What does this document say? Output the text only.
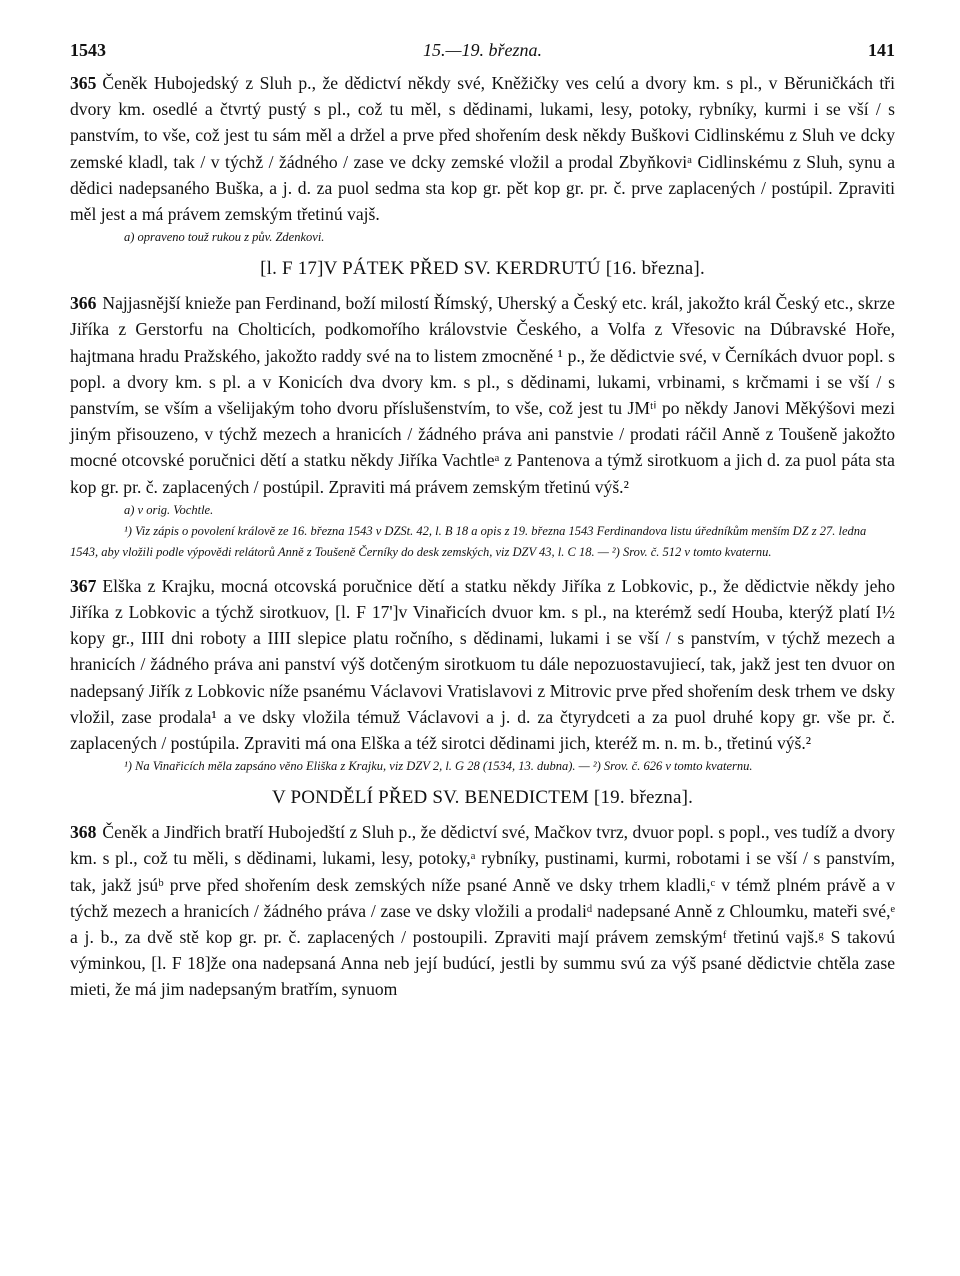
1543	15.—19. března.	141

365 Čeněk Hubojedský z Sluh p., že dědictví někdy své, Kněžičky ves celú a dvory km. s pl., v Běruničkách tři dvory km. osedlé a čtvrtý pustý s pl., což tu měl, s dědinami, lukami, lesy, potoky, rybníky, kurmi i se vší / s panstvím, to vše, což jest tu sám měl a držel a prve před shořením desk někdy Buškovi Cidlinskému z Sluh ve dcky zemské kladl, tak / v týchž / žádného / zase ve dcky zemské vložil a prodal Zbyňkoviᵃ Cidlinskému z Sluh, synu a dědici nadepsaného Buška, a j. d. za puol sedma sta kop gr. pět kop gr. pr. č. prve zaplacených / postúpil. Zpraviti měl jest a má právem zemským třetinú vajš.

a) opraveno touž rukou z pův. Zdenkovi.

[l. F 17]V PÁTEK PŘED SV. KERDRUTÚ [16. března].

366 Najjasnější knieže pan Ferdinand, boží milostí Římský, Uherský a Český etc. král, jakožto král Český etc., skrze Jiříka z Gerstorfu na Cholticích, podkomořího královstvie Českého, a Volfa z Vřesovic na Dúbravské Hoře, hajtmana hradu Pražského, jakožto raddy své na to listem zmocněné ¹ p., že dědictvie své, v Černíkách dvuor popl. s popl. a dvory km. s pl. a v Konicích dva dvory km. s pl., s dědinami, lukami, vrbinami, s krčmami i se vší / s panstvím, se vším a všelijakým toho dvoru příslušenstvím, to vše, což jest tu JMᵗⁱ po někdy Janovi Měkýšovi mezi jiným přisouzeno, v týchž mezech a hranicích / žádného práva ani panstvie / prodati ráčil Anně z Toušeně jakožto mocné otcovské poručnici dětí a statku někdy Jiříka Vachtleᵃ z Pantenova a týmž sirotkuom a jich d. za puol páta sta kop gr. pr. č. zaplacených / postúpil. Zpraviti má právem zemským třetinú výš.²

a) v orig. Vochtle.

¹) Viz zápis o povolení královĕ ze 16. března 1543 v DZSt. 42, l. B 18 a opis z 19. března 1543 Ferdinandova listu úředníkům menším DZ z 27. ledna 1543, aby vložili podle výpovědi relátorů Anně z Toušeně Černíky do desk zemských, viz DZV 43, l. C 18. — ²) Srov. č. 512 v tomto kvaternu.

367 Elška z Krajku, mocná otcovská poručnice dětí a statku někdy Jiříka z Lobkovic, p., že dědictvie někdy jeho Jiříka z Lobkovic a týchž sirotkuov, [l. F 17']v Vinařicích dvuor km. s pl., na kterémž sedí Houba, kterýž platí I½ kopy gr., IIII dni roboty a IIII slepice platu ročního, s dědinami, lukami i se vší / s panstvím, v týchž mezech a hranicích / žádného práva ani panství výš dotčeným sirotkuom tu dále nepozuostavujiecí, tak, jakž jest ten dvuor on nadepsaný Jiřík z Lobkovic níže psanému Václavovi Vratislavovi z Mitrovic prve před shořením desk trhem ve dsky vložil, zase prodala¹ a ve dsky vložila témuž Václavovi a j. d. za čtyrydceti a za puol druhé kopy gr. vše pr. č. zaplacených / postúpila. Zpraviti má ona Elška a též sirotci dědinami jich, kteréž m. n. m. b., třetinú výš.²

¹) Na Vinařicích měla zapsáno věno Eliška z Krajku, viz DZV 2, l. G 28 (1534, 13. dubna). — ²) Srov. č. 626 v tomto kvaternu.

V PONDĚLÍ PŘED SV. BENEDICTEM [19. března].

368 Čeněk a Jindřich bratří Hubojedští z Sluh p., že dědictví své, Mačkov tvrz, dvuor popl. s popl., ves tudíž a dvory km. s pl., což tu měli, s dědinami, lukami, lesy, potoky,ᵃ rybníky, pustinami, kurmi, robotami i se vší / s panstvím, tak, jakž jsúᵇ prve před shořením desk zemských níže psané Anně ve dsky trhem kladli,ᶜ v témž plném právě a v týchž mezech a hranicích / žádného práva / zase ve dsky vložili a prodaliᵈ nadepsané Anně z Chloumku, mateři své,ᵉ a j. b., za dvě stě kop gr. pr. č. zaplacených / postoupili. Zpraviti mají právem zemskýmᶠ třetinú vajš.ᵍ S takovú výminkou, [l. F 18]že ona nadepsaná Anna neb její budúcí, jestli by summu svú za výš psané dědictvie chtěla zase mieti, že má jim nadepsaným bratřím, synuom
